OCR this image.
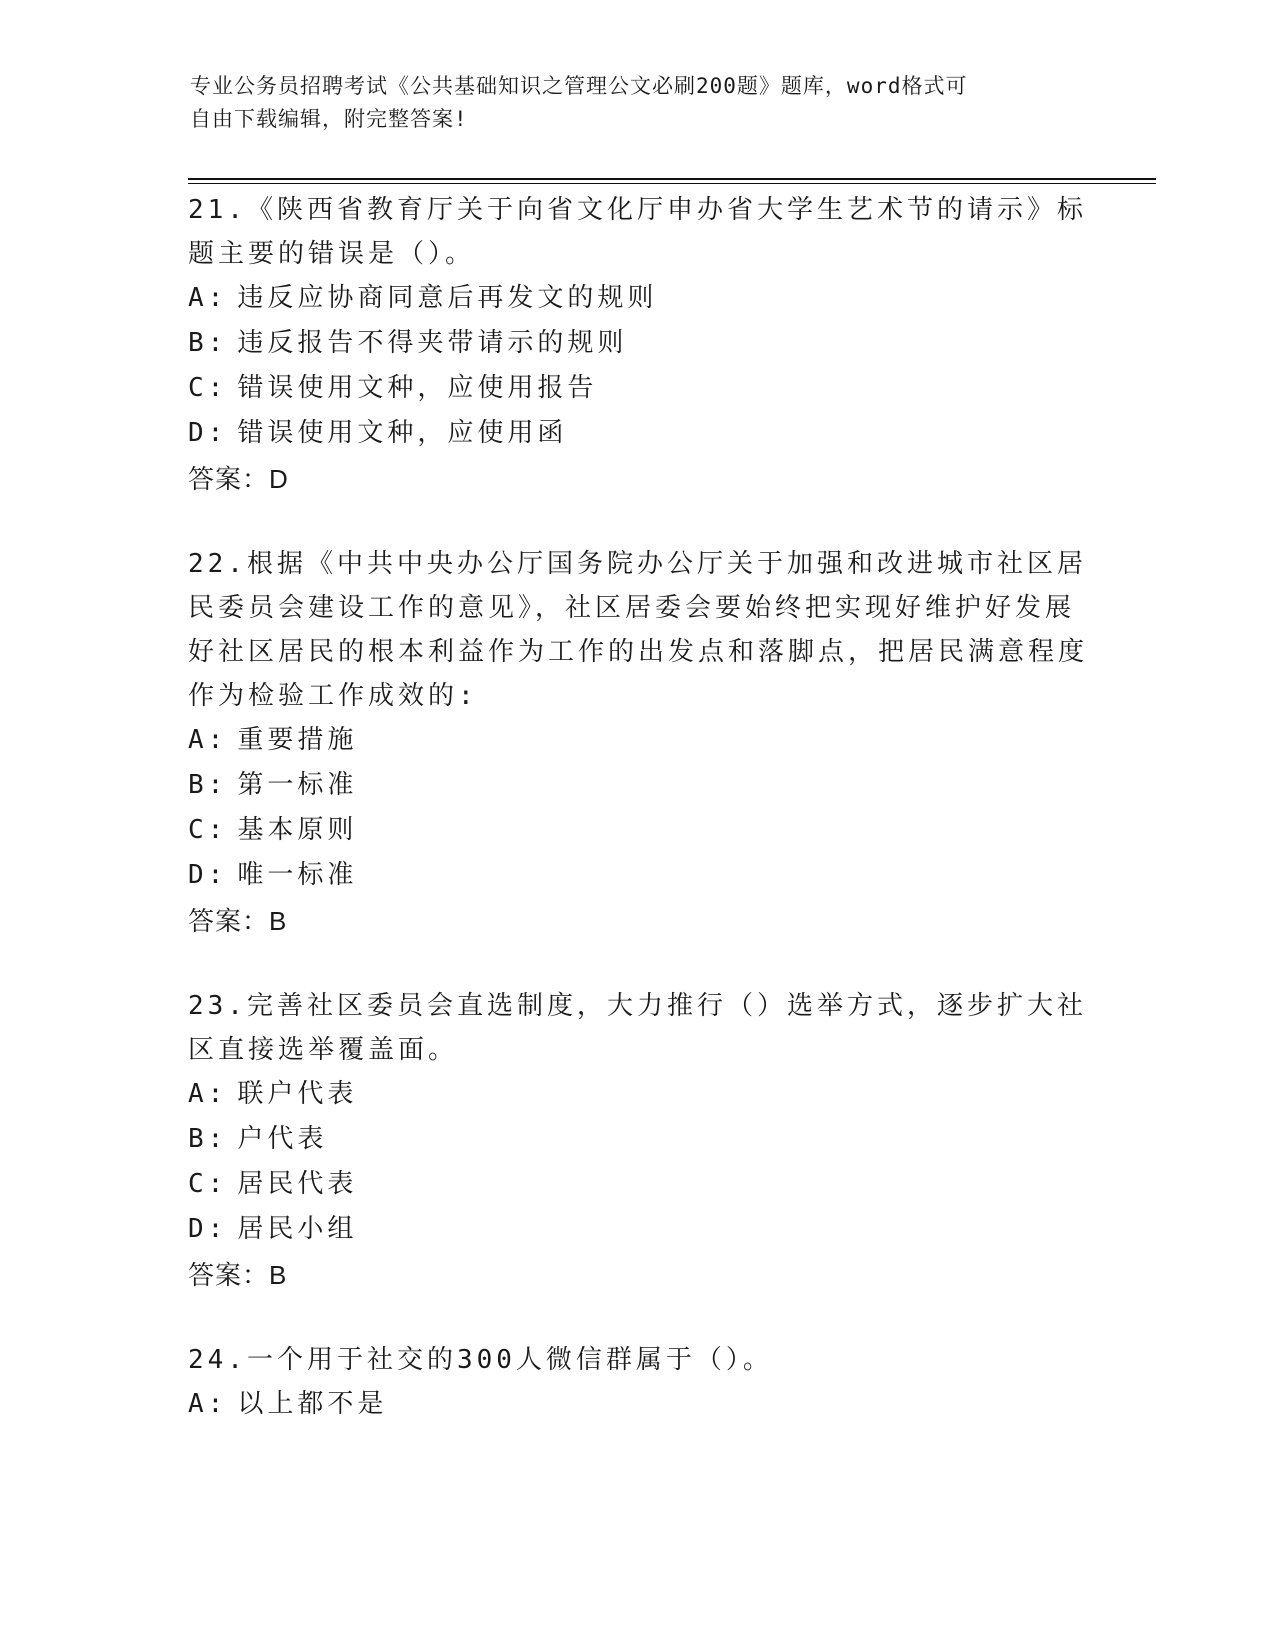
专业公务员招聘考试《公共基础知识之管理公文必刷200题》题库，word格式可
自由下载编辑，附完整答案!
21.《陕西省教育厅关于向省文化厅申办省大学生艺术节的请示》标题主要的错误是（）。
A: 违反应协商同意后再发文的规则
B: 违反报告不得夹带请示的规则
C: 错误使用文种，应使用报告
D: 错误使用文种，应使用函
答案：D
22.根据《中共中央办公厅国务院办公厅关于加强和改进城市社区居民委员会建设工作的意见》，社区居委会要始终把实现好维护好发展好社区居民的根本利益作为工作的出发点和落脚点，把居民满意程度作为检验工作成效的:
A: 重要措施
B: 第一标准
C: 基本原则
D: 唯一标准
答案：B
23.完善社区委员会直选制度，大力推行（）选举方式，逐步扩大社区直接选举覆盖面。
A: 联户代表
B: 户代表
C: 居民代表
D: 居民小组
答案：B
24.一个用于社交的300人微信群属于（）。
A: 以上都不是
